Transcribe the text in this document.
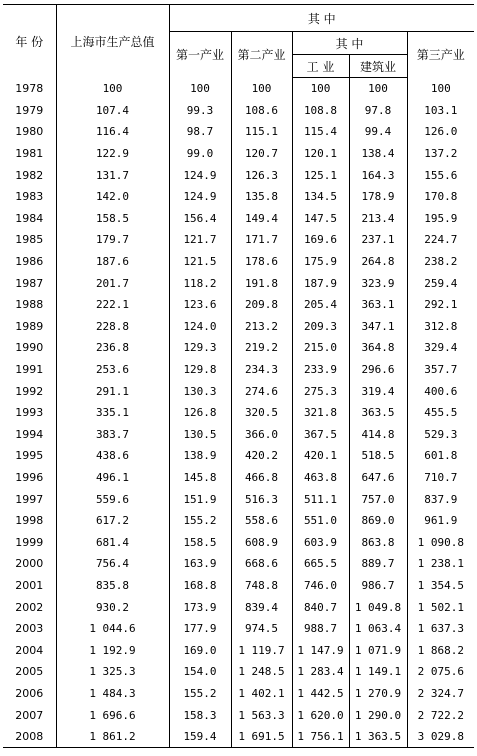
年 份	上海市生产总值	其 中				
		第一产业	第二产业	其 中		第三产业
				工 业	建筑业	
1978	100	100	100	100	100	100
1979	107.4	99.3	108.6	108.8	97.8	103.1
1980	116.4	98.7	115.1	115.4	99.4	126.0
1981	122.9	99.0	120.7	120.1	138.4	137.2
1982	131.7	124.9	126.3	125.1	164.3	155.6
1983	142.0	124.9	135.8	134.5	178.9	170.8
1984	158.5	156.4	149.4	147.5	213.4	195.9
1985	179.7	121.7	171.7	169.6	237.1	224.7
1986	187.6	121.5	178.6	175.9	264.8	238.2
1987	201.7	118.2	191.8	187.9	323.9	259.4
1988	222.1	123.6	209.8	205.4	363.1	292.1
1989	228.8	124.0	213.2	209.3	347.1	312.8
1990	236.8	129.3	219.2	215.0	364.8	329.4
1991	253.6	129.8	234.3	233.9	296.6	357.7
1992	291.1	130.3	274.6	275.3	319.4	400.6
1993	335.1	126.8	320.5	321.8	363.5	455.5
1994	383.7	130.5	366.0	367.5	414.8	529.3
1995	438.6	138.9	420.2	420.1	518.5	601.8
1996	496.1	145.8	466.8	463.8	647.6	710.7
1997	559.6	151.9	516.3	511.1	757.0	837.9
1998	617.2	155.2	558.6	551.0	869.0	961.9
1999	681.4	158.5	608.9	603.9	863.8	1 090.8
2000	756.4	163.9	668.6	665.5	889.7	1 238.1
2001	835.8	168.8	748.8	746.0	986.7	1 354.5
2002	930.2	173.9	839.4	840.7	1 049.8	1 502.1
2003	1 044.6	177.9	974.5	988.7	1 063.4	1 637.3
2004	1 192.9	169.0	1 119.7	1 147.9	1 071.9	1 868.2
2005	1 325.3	154.0	1 248.5	1 283.4	1 149.1	2 075.6
2006	1 484.3	155.2	1 402.1	1 442.5	1 270.9	2 324.7
2007	1 696.6	158.3	1 563.3	1 620.0	1 290.0	2 722.2
2008	1 861.2	159.4	1 691.5	1 756.1	1 363.5	3 029.8
